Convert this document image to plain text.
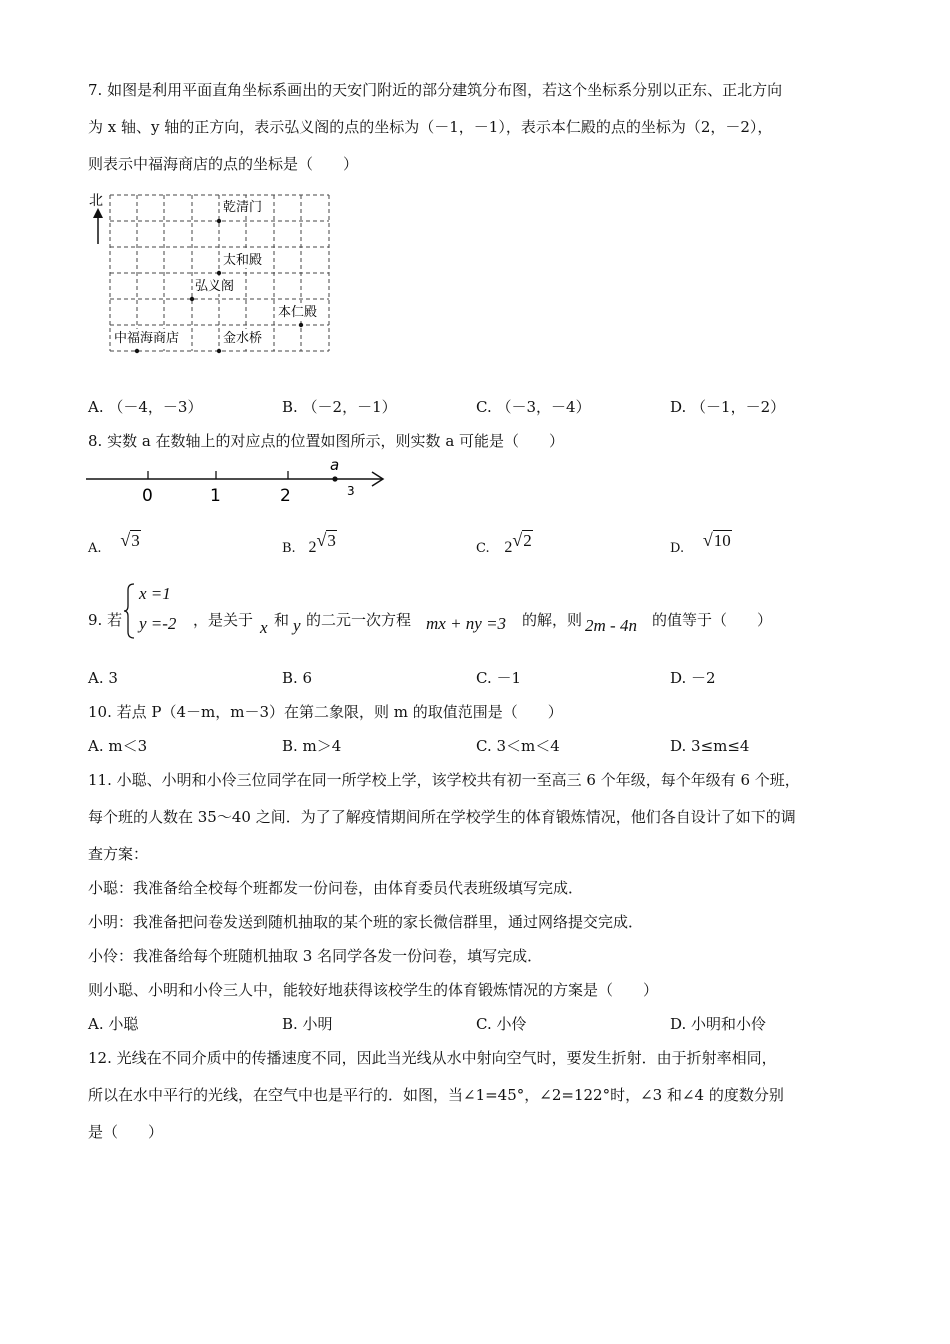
7. 如图是利用平面直角坐标系画出的天安门附近的部分建筑分布图，若这个坐标系分别以正东、正北方向
为 x 轴、y 轴的正方向，表示弘义阁的点的坐标为（－1，－1），表示本仁殿的点的坐标为（2，－2），
则表示中福海商店的点的坐标是（　　）
北	乾清门
太和殿
弘义阁
本仁殿
中福海商店	金水桥
A. （－4，－3）	B. （－2，－1）	C. （－3，－4）	D. （－1，－2）
8. 实数 a 在数轴上的对应点的位置如图所示，则实数 a 可能是（　　）
0	1	2
a
3
A. √3	B. 2√3	C. 2√2	D. √10
9. 若
x =1
y =-2 ，是关于 x 和 y 的二元一次方程 mx + ny =3 的解，则 2m - 4n 的值等于（　　）
A. 3	B. 6	C. －1	D. －2
10. 若点 P（4－m，m－3）在第二象限，则 m 的取值范围是（　　）
A. m＜3	B. m＞4	C. 3＜m＜4	D. 3≤m≤4
11. 小聪、小明和小伶三位同学在同一所学校上学，该学校共有初一至高三 6 个年级，每个年级有 6 个班，
每个班的人数在 35～40 之间．为了了解疫情期间所在学校学生的体育锻炼情况，他们各自设计了如下的调
查方案：
小聪：我准备给全校每个班都发一份问卷，由体育委员代表班级填写完成．
小明：我准备把问卷发送到随机抽取的某个班的家长微信群里，通过网络提交完成．
小伶：我准备给每个班随机抽取 3 名同学各发一份问卷，填写完成．
则小聪、小明和小伶三人中，能较好地获得该校学生的体育锻炼情况的方案是（　　）
A. 小聪	B. 小明	C. 小伶	D. 小明和小伶
12. 光线在不同介质中的传播速度不同，因此当光线从水中射向空气时，要发生折射．由于折射率相同，
所以在水中平行的光线，在空气中也是平行的．如图，当∠1=45°，∠2=122°时，∠3 和∠4 的度数分别
是（　　）
